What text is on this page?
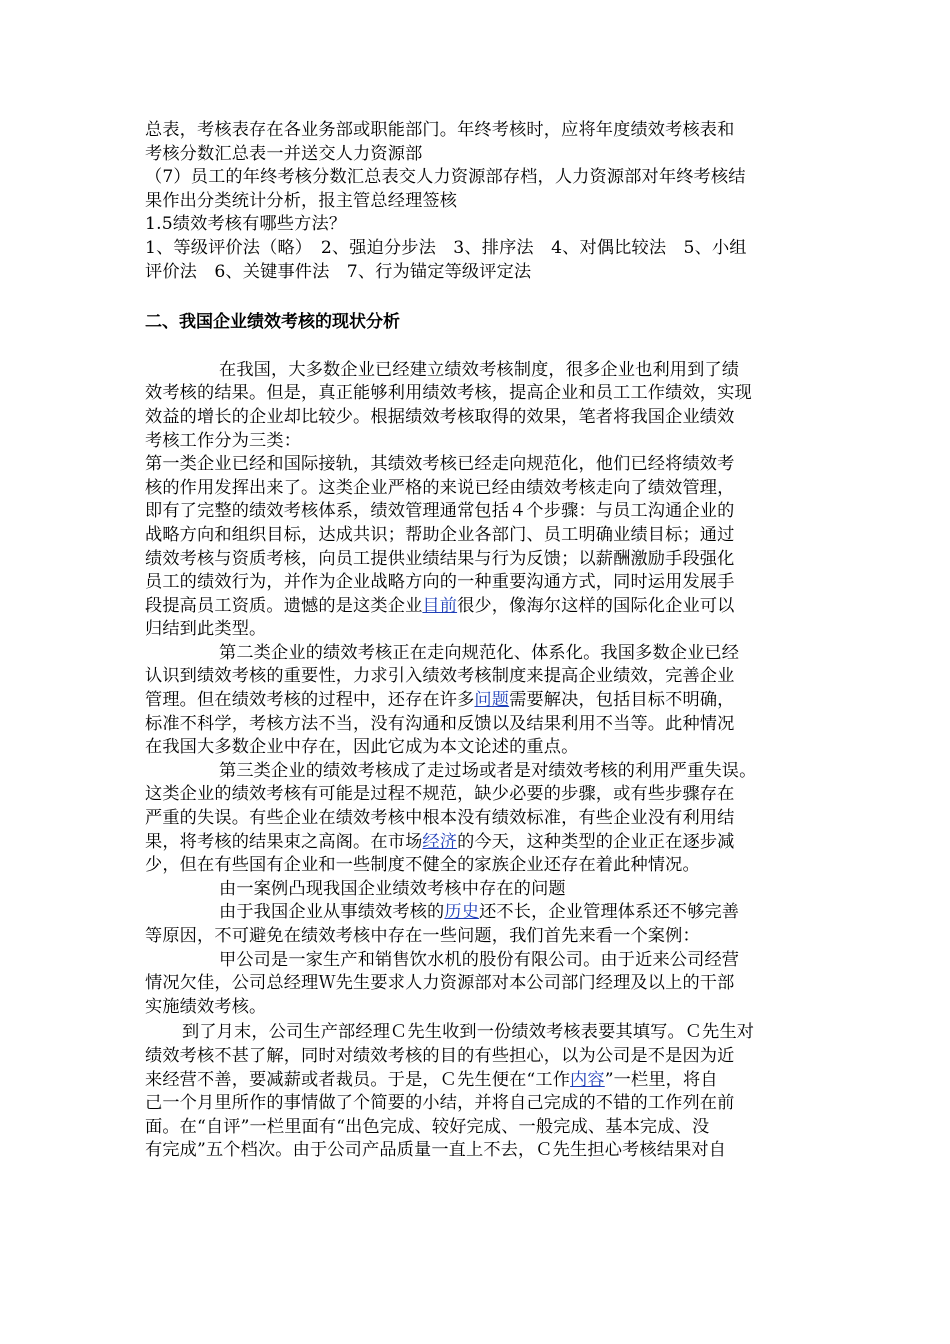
总表，考核表存在各业务部或职能部门。年终考核时，应将年度绩效考核表和
考核分数汇总表一并送交人力资源部
（7）员工的年终考核分数汇总表交人力资源部存档，人力资源部对年终考核结
果作出分类统计分析，报主管总经理签核
1.5绩效考核有哪些方法？
1、等级评价法（略）　2、强迫分步法　3、排序法　4、对偶比较法　5、小组
评价法　6、关键事件法　7、行为锚定等级评定法
二、我国企业绩效考核的现状分析
在我国，大多数企业已经建立绩效考核制度，很多企业也利用到了绩
效考核的结果。但是，真正能够利用绩效考核，提高企业和员工工作绩效，实现
效益的增长的企业却比较少。根据绩效考核取得的效果，笔者将我国企业绩效
考核工作分为三类：
第一类企业已经和国际接轨，其绩效考核已经走向规范化，他们已经将绩效考
核的作用发挥出来了。这类企业严格的来说已经由绩效考核走向了绩效管理，
即有了完整的绩效考核体系，绩效管理通常包括４个步骤：与员工沟通企业的
战略方向和组织目标，达成共识；帮助企业各部门、员工明确业绩目标；通过
绩效考核与资质考核，向员工提供业绩结果与行为反馈；以薪酬激励手段强化
员工的绩效行为，并作为企业战略方向的一种重要沟通方式，同时运用发展手
段提高员工资质。遗憾的是这类企业目前很少，像海尔这样的国际化企业可以
归结到此类型。
第二类企业的绩效考核正在走向规范化、体系化。我国多数企业已经
认识到绩效考核的重要性，力求引入绩效考核制度来提高企业绩效，完善企业
管理。但在绩效考核的过程中，还存在许多问题需要解决，包括目标不明确，
标准不科学，考核方法不当，没有沟通和反馈以及结果利用不当等。此种情况
在我国大多数企业中存在，因此它成为本文论述的重点。
第三类企业的绩效考核成了走过场或者是对绩效考核的利用严重失误。
这类企业的绩效考核有可能是过程不规范，缺少必要的步骤，或有些步骤存在
严重的失误。有些企业在绩效考核中根本没有绩效标准，有些企业没有利用结
果，将考核的结果束之高阁。在市场经济的今天，这种类型的企业正在逐步减
少，但在有些国有企业和一些制度不健全的家族企业还存在着此种情况。
由一案例凸现我国企业绩效考核中存在的问题
由于我国企业从事绩效考核的历史还不长，企业管理体系还不够完善
等原因，不可避免在绩效考核中存在一些问题，我们首先来看一个案例：
甲公司是一家生产和销售饮水机的股份有限公司。由于近来公司经营
情况欠佳，公司总经理Ｗ先生要求人力资源部对本公司部门经理及以上的干部
实施绩效考核。
到了月末，公司生产部经理Ｃ先生收到一份绩效考核表要其填写。Ｃ先生对
绩效考核不甚了解，同时对绩效考核的目的有些担心，以为公司是不是因为近
来经营不善，要减薪或者裁员。于是，Ｃ先生便在“工作内容”一栏里，将自
己一个月里所作的事情做了个简要的小结，并将自己完成的不错的工作列在前
面。在“自评”一栏里面有“出色完成、较好完成、一般完成、基本完成、没
有完成”五个档次。由于公司产品质量一直上不去，Ｃ先生担心考核结果对自
